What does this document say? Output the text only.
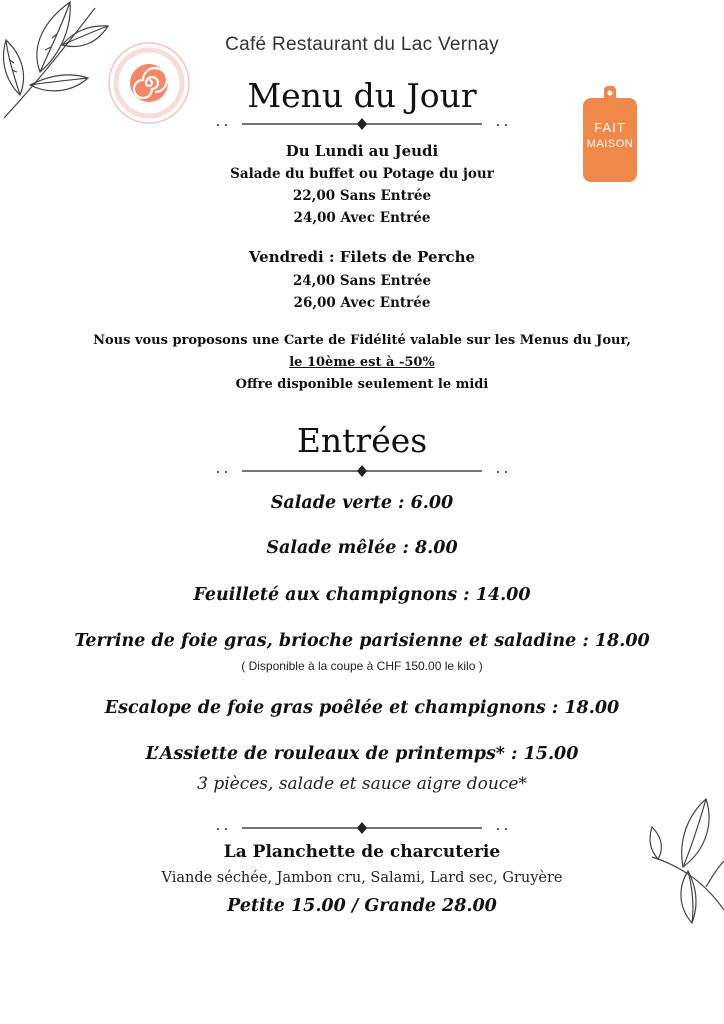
FAIT
MAISON
Café Restaurant du Lac Vernay
Menu du Jour
Du Lundi au Jeudi
Salade du buffet ou Potage du jour
22,00 Sans Entrée
24,00 Avec Entrée
Vendredi : Filets de Perche
24,00 Sans Entrée
26,00 Avec Entrée
Nous vous proposons une Carte de Fidélité valable sur les Menus du Jour,
le 10ème est à -50%
Offre disponible seulement le midi
Entrées
Salade verte : 6.00
Salade mêlée : 8.00
Feuilleté aux champignons : 14.00
Terrine de foie gras, brioche parisienne et saladine : 18.00
( Disponible à la coupe à CHF 150.00 le kilo )
Escalope de foie gras poêlée et champignons : 18.00
L’Assiette de rouleaux de printemps* : 15.00
3 pièces, salade et sauce aigre douce*
La Planchette de charcuterie
Viande séchée, Jambon cru, Salami, Lard sec, Gruyère
Petite 15.00 / Grande 28.00
